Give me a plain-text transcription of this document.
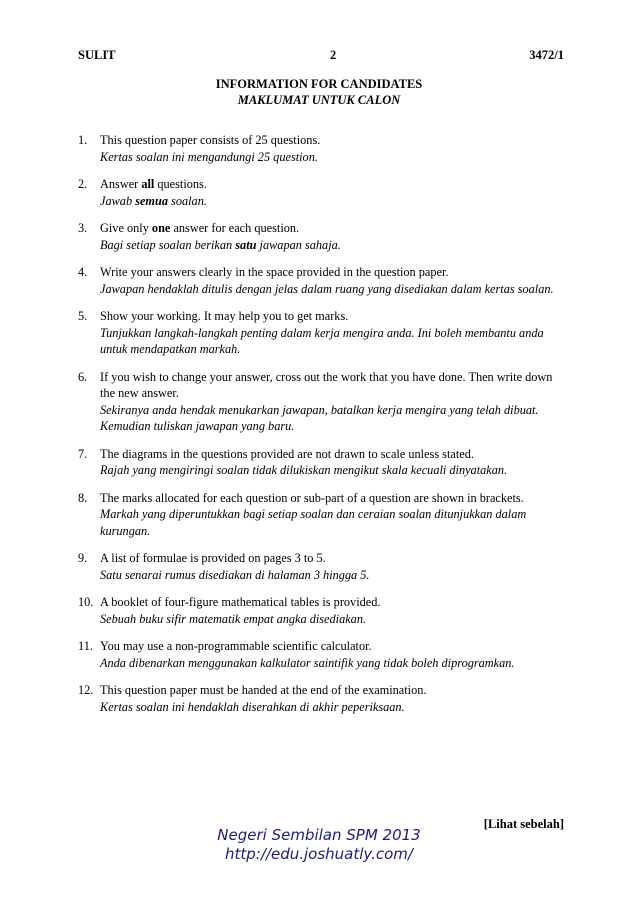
SULIT	2	3472/1
INFORMATION FOR CANDIDATES
MAKLUMAT UNTUK CALON
1. This question paper consists of 25 questions.
Kertas soalan ini mengandungi 25 question.
2. Answer all questions.
Jawab semua soalan.
3. Give only one answer for each question.
Bagi setiap soalan berikan satu jawapan sahaja.
4. Write your answers clearly in the space provided in the question paper.
Jawapan hendaklah ditulis dengan jelas dalam ruang yang disediakan dalam kertas soalan.
5. Show your working. It may help you to get marks.
Tunjukkan langkah-langkah penting dalam kerja mengira anda. Ini boleh membantu anda untuk mendapatkan markah.
6. If you wish to change your answer, cross out the work that you have done. Then write down the new answer.
Sekiranya anda hendak menukarkan jawapan, batalkan kerja mengira yang telah dibuat. Kemudian tuliskan jawapan yang baru.
7. The diagrams in the questions provided are not drawn to scale unless stated.
Rajah yang mengiringi soalan tidak dilukiskan mengikut skala kecuali dinyatakan.
8. The marks allocated for each question or sub-part of a question are shown in brackets.
Markah yang diperuntukkan bagi setiap soalan dan ceraian soalan ditunjukkan dalam kurungan.
9. A list of formulae is provided on pages 3 to 5.
Satu senarai rumus disediakan di halaman 3 hingga 5.
10. A booklet of four-figure mathematical tables is provided.
Sebuah buku sifir matematik empat angka disediakan.
11. You may use a non-programmable scientific calculator.
Anda dibenarkan menggunakan kalkulator saintifik yang tidak boleh diprogramkan.
12. This question paper must be handed at the end of the examination.
Kertas soalan ini hendaklah diserahkan di akhir peperiksaan.
[Lihat sebelah]
Negeri Sembilan SPM 2013
http://edu.joshuatly.com/
